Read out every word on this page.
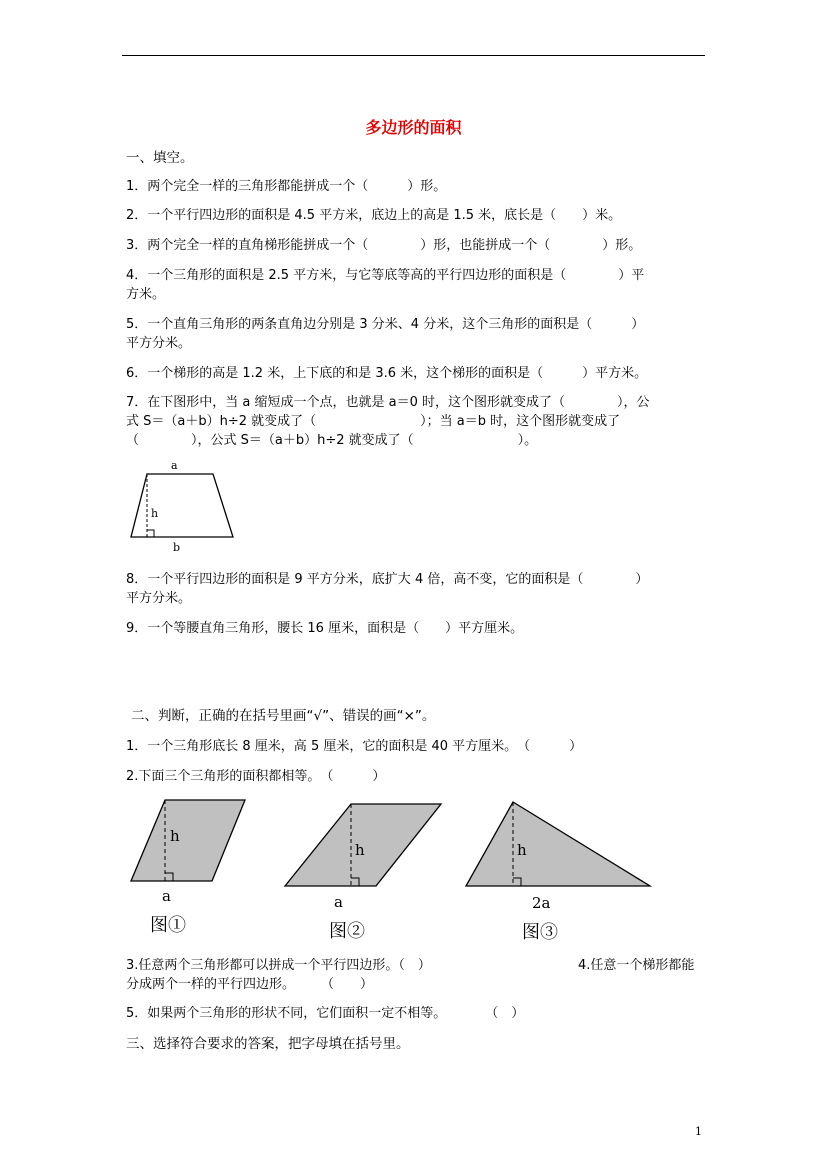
多边形的面积
一、填空。
1．两个完全一样的三角形都能拼成一个（　　　）形。
2．一个平行四边形的面积是 4.5 平方米，底边上的高是 1.5 米，底长是（　　）米。
3．两个完全一样的直角梯形能拼成一个（　　　　）形，也能拼成一个（　　　　）形。
4．一个三角形的面积是 2.5 平方米，与它等底等高的平行四边形的面积是（　　　　）平
方米。
5．一个直角三角形的两条直角边分别是 3 分米、4 分米，这个三角形的面积是（　　　）
平方分米。
6．一个梯形的高是 1.2 米，上下底的和是 3.6 米，这个梯形的面积是（　　　）平方米。
7．在下图形中，当 a 缩短成一个点，也就是 a＝0 时，这个图形就变成了（　　　　），公
式 S＝（a＋b）h÷2 就变成了（　　　　　　　　）；当 a＝b 时，这个图形就变成了
（　　　　），公式 S＝（a＋b）h÷2 就变成了（　　　　　　　　）。
a
h
b
8．一个平行四边形的面积是 9 平方分米，底扩大 4 倍，高不变，它的面积是（　　　　）
平方分米。
9．一个等腰直角三角形，腰长 16 厘米，面积是（　　）平方厘米。
二、判断，正确的在括号里画“√”、错误的画“×”。
1．一个三角形底长 8 厘米，高 5 厘米，它的面积是 40 平方厘米。　（　　　）
2.下面三个三角形的面积都相等。　（　　　）
h
a
图①
h
a
图②
h
2a
图③
3.任意两个三角形都可以拼成一个平行四边形。（　）	4.任意一个梯形都能
分成两个一样的平行四边形。　　　（　　）
5．如果两个三角形的形状不同，它们面积一定不相等。　　　　（　）
三、选择符合要求的答案，把字母填在括号里。
1
